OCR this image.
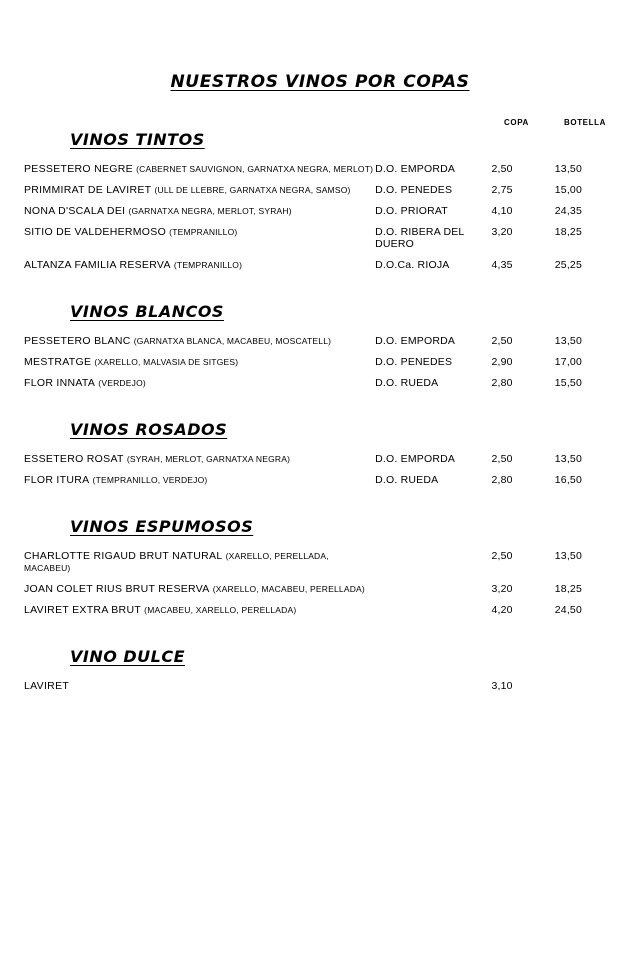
NUESTROS VINOS POR COPAS
COPA	BOTELLA
VINOS TINTOS
PESSETERO NEGRE (CABERNET SAUVIGNON, GARNATXA NEGRA, MERLOT)	D.O. EMPORDA	2,50	13,50
PRIMMIRAT DE LAVIRET (ULL DE LLEBRE, GARNATXA NEGRA, SAMSO)	D.O. PENEDES	2,75	15,00
NONA D'SCALA DEI (GARNATXA NEGRA, MERLOT, SYRAH)	D.O. PRIORAT	4,10	24,35
SITIO DE VALDEHERMOSO (TEMPRANILLO)	D.O. RIBERA DEL DUERO	3,20	18,25
ALTANZA FAMILIA RESERVA (TEMPRANILLO)	D.O.Ca. RIOJA	4,35	25,25
VINOS BLANCOS
PESSETERO BLANC (GARNATXA BLANCA, MACABEU, MOSCATELL)	D.O. EMPORDA	2,50	13,50
MESTRATGE (XARELLO, MALVASIA DE SITGES)	D.O. PENEDES	2,90	17,00
FLOR INNATA (VERDEJO)	D.O. RUEDA	2,80	15,50
VINOS ROSADOS
ESSETERO ROSAT (SYRAH, MERLOT, GARNATXA NEGRA)	D.O. EMPORDA	2,50	13,50
FLOR ITURA (TEMPRANILLO, VERDEJO)	D.O. RUEDA	2,80	16,50
VINOS ESPUMOSOS
CHARLOTTE RIGAUD BRUT NATURAL (XARELLO, PERELLADA, MACABEU)		2,50	13,50
JOAN COLET RIUS BRUT RESERVA (XARELLO, MACABEU, PERELLADA)		3,20	18,25
LAVIRET EXTRA BRUT (MACABEU, XARELLO, PERELLADA)		4,20	24,50
VINO DULCE
LAVIRET		3,10	
